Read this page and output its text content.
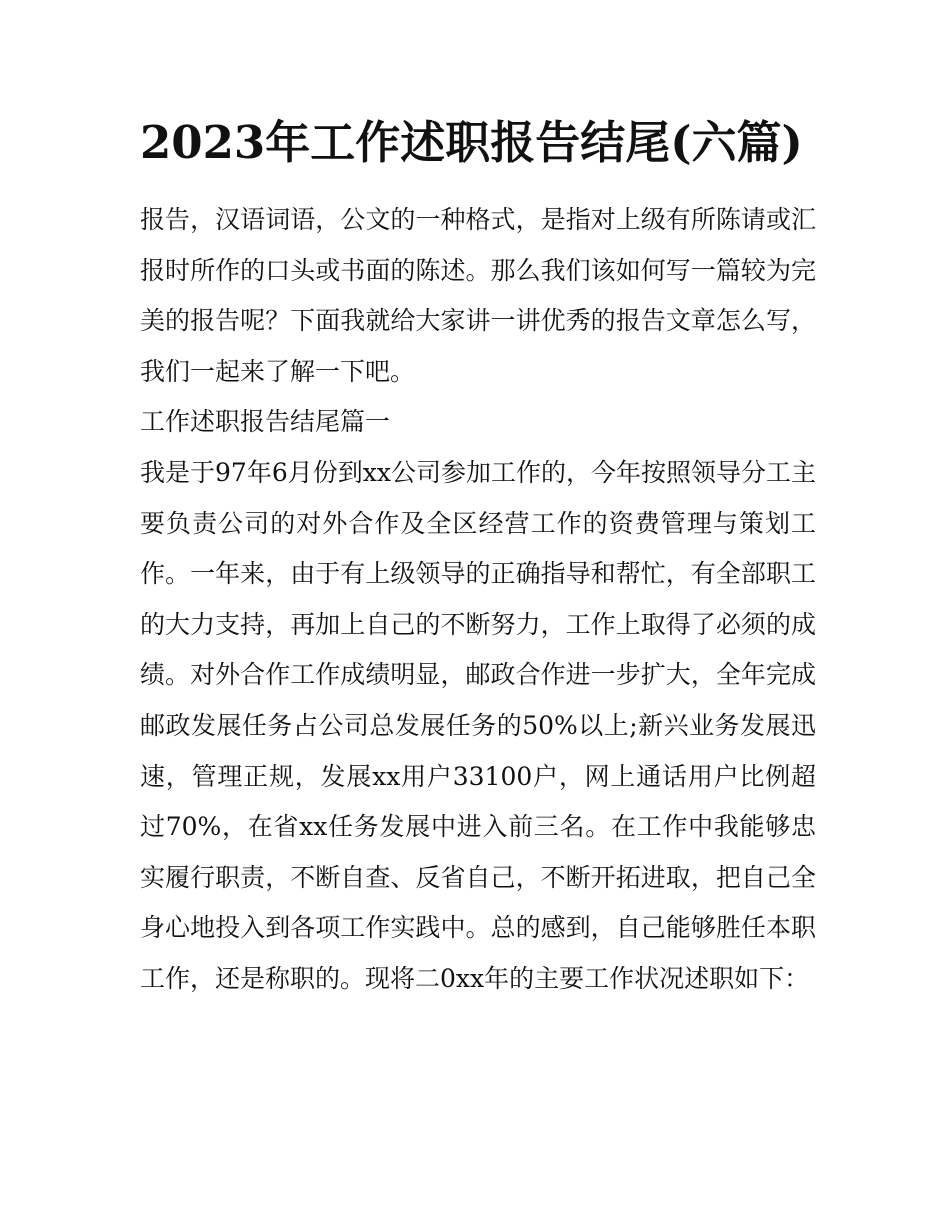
2023年工作述职报告结尾(六篇)

报告，汉语词语，公文的一种格式，是指对上级有所陈请或汇报时所作的口头或书面的陈述。那么我们该如何写一篇较为完美的报告呢？下面我就给大家讲一讲优秀的报告文章怎么写，我们一起来了解一下吧。

工作述职报告结尾篇一

我是于97年6月份到xx公司参加工作的，今年按照领导分工主要负责公司的对外合作及全区经营工作的资费管理与策划工作。一年来，由于有上级领导的正确指导和帮忙，有全部职工的大力支持，再加上自己的不断努力，工作上取得了必须的成绩。对外合作工作成绩明显，邮政合作进一步扩大，全年完成邮政发展任务占公司总发展任务的50%以上;新兴业务发展迅速，管理正规，发展xx用户33100户，网上通话用户比例超过70%，在省xx任务发展中进入前三名。在工作中我能够忠实履行职责，不断自查、反省自己，不断开拓进取，把自己全身心地投入到各项工作实践中。总的感到，自己能够胜任本职工作，还是称职的。现将二0xx年的主要工作状况述职如下：
